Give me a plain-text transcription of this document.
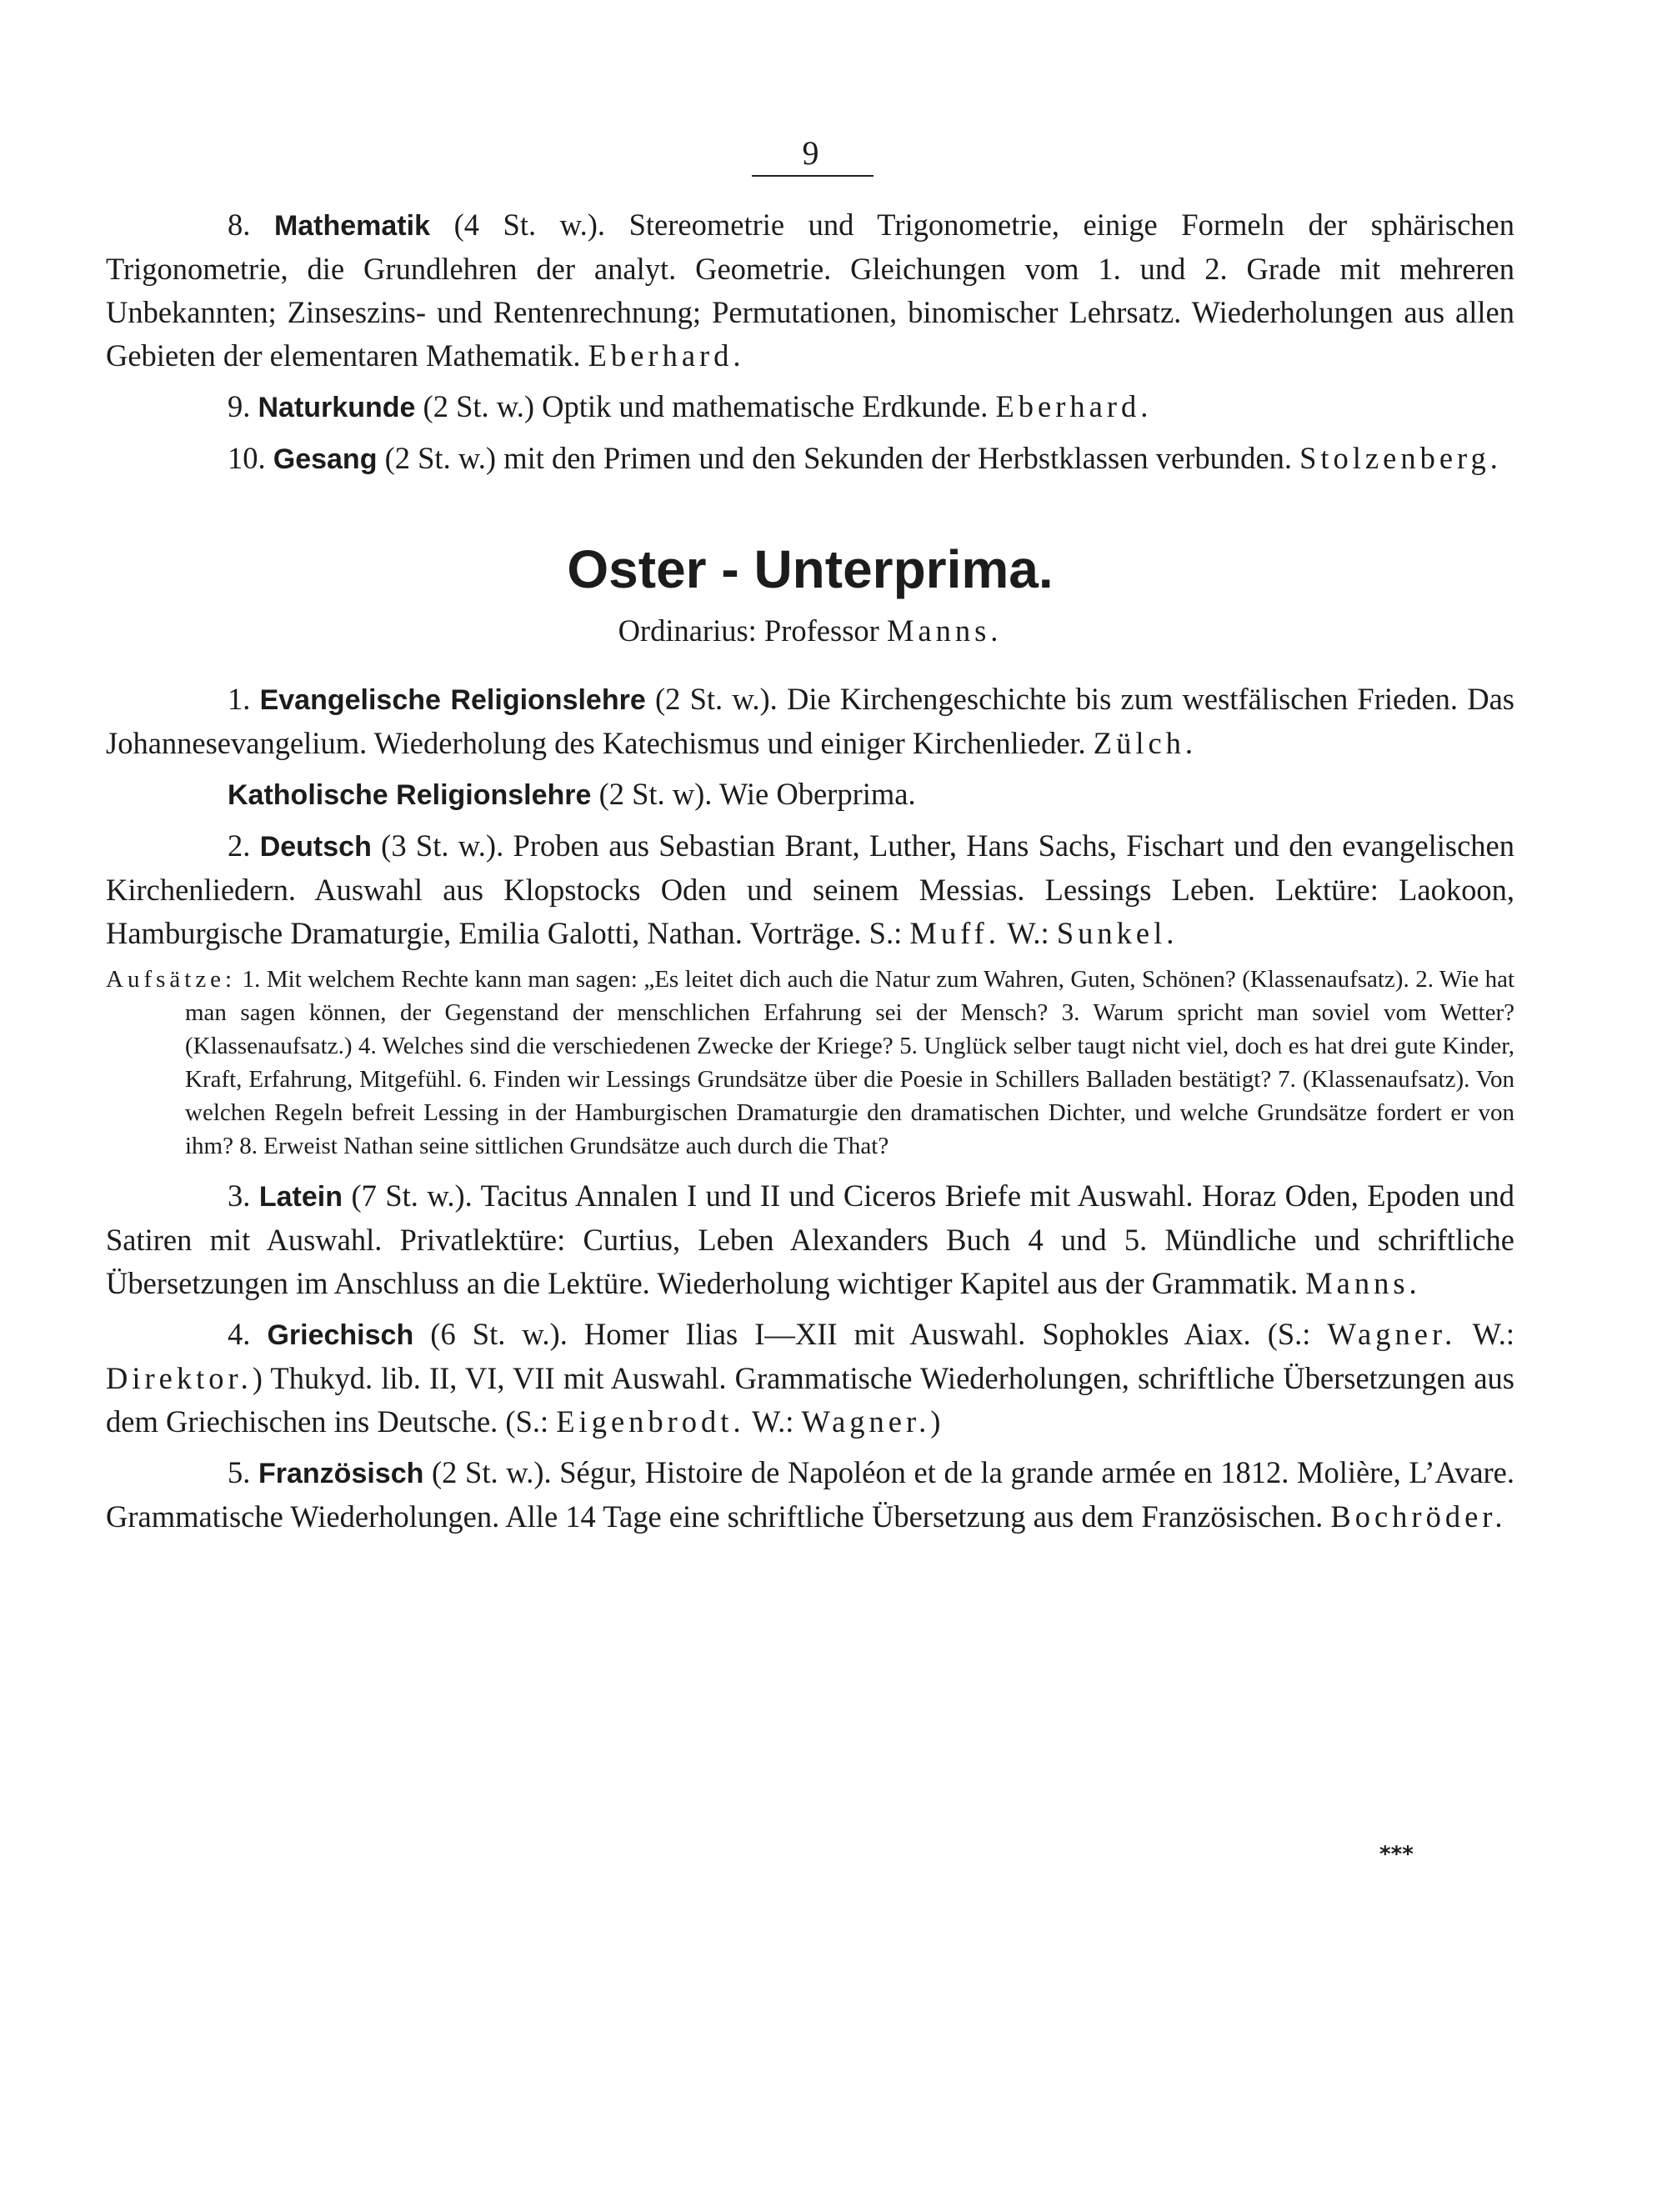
9

8. Mathematik (4 St. w.). Stereometrie und Trigonometrie, einige Formeln der sphärischen Trigonometrie, die Grundlehren der analyt. Geometrie. Gleichungen vom 1. und 2. Grade mit mehreren Unbekannten; Zinseszins- und Rentenrechnung; Permutationen, binomischer Lehrsatz. Wiederholungen aus allen Gebieten der elementaren Mathematik. Eberhard.

9. Naturkunde (2 St. w.) Optik und mathematische Erdkunde. Eberhard.

10. Gesang (2 St. w.) mit den Primen und den Sekunden der Herbstklassen verbunden. Stolzenberg.

Oster - Unterprima.
Ordinarius: Professor Manns.

1. Evangelische Religionslehre (2 St. w.). Die Kirchengeschichte bis zum westfälischen Frieden. Das Johannesevangelium. Wiederholung des Katechismus und einiger Kirchenlieder. Zülch.

Katholische Religionslehre (2 St. w). Wie Oberprima.

2. Deutsch (3 St. w.). Proben aus Sebastian Brant, Luther, Hans Sachs, Fischart und den evangelischen Kirchenliedern. Auswahl aus Klopstocks Oden und seinem Messias. Lessings Leben. Lektüre: Laokoon, Hamburgische Dramaturgie, Emilia Galotti, Nathan. Vorträge. S.: Muff. W.: Sunkel.

Aufsätze: 1. Mit welchem Rechte kann man sagen: „Es leitet dich auch die Natur zum Wahren, Guten, Schönen? (Klassenaufsatz). 2. Wie hat man sagen können, der Gegenstand der menschlichen Erfahrung sei der Mensch? 3. Warum spricht man soviel vom Wetter? (Klassenaufsatz.) 4. Welches sind die verschiedenen Zwecke der Kriege? 5. Unglück selber taugt nicht viel, doch es hat drei gute Kinder, Kraft, Erfahrung, Mitgefühl. 6. Finden wir Lessings Grundsätze über die Poesie in Schillers Balladen bestätigt? 7. (Klassenaufsatz). Von welchen Regeln befreit Lessing in der Hamburgischen Dramaturgie den dramatischen Dichter, und welche Grundsätze fordert er von ihm? 8. Erweist Nathan seine sittlichen Grundsätze auch durch die That?

3. Latein (7 St. w.). Tacitus Annalen I und II und Ciceros Briefe mit Auswahl. Horaz Oden, Epoden und Satiren mit Auswahl. Privatlektüre: Curtius, Leben Alexanders Buch 4 und 5. Mündliche und schriftliche Übersetzungen im Anschluss an die Lektüre. Wiederholung wichtiger Kapitel aus der Grammatik. Manns.

4. Griechisch (6 St. w.). Homer Ilias I—XII mit Auswahl. Sophokles Aiax. (S.: Wagner. W.: Direktor.) Thukyd. lib. II, VI, VII mit Auswahl. Grammatische Wiederholungen, schriftliche Übersetzungen aus dem Griechischen ins Deutsche. (S.: Eigenbrodt. W.: Wagner.)

5. Französisch (2 St. w.). Ségur, Histoire de Napoléon et de la grande armée en 1812. Molière, L’Avare. Grammatische Wiederholungen. Alle 14 Tage eine schriftliche Übersetzung aus dem Französischen. Bochröder.

***
